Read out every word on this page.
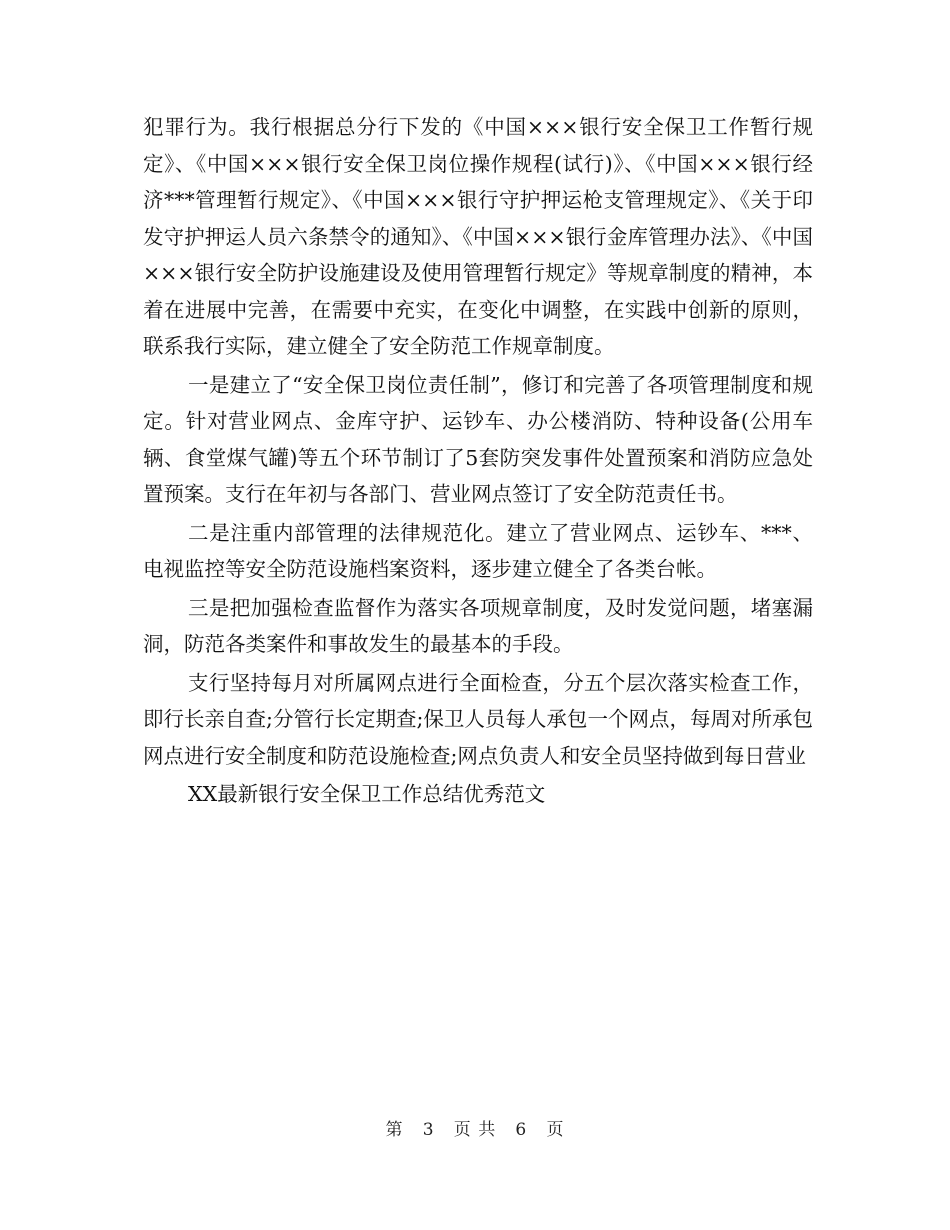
犯罪行为。我行根据总分行下发的《中国×××银行安全保卫工作暂行规定》、《中国×××银行安全保卫岗位操作规程(试行)》、《中国×××银行经济***管理暂行规定》、《中国×××银行守护押运枪支管理规定》、《关于印发守护押运人员六条禁令的通知》、《中国×××银行金库管理办法》、《中国×××银行安全防护设施建设及使用管理暂行规定》等规章制度的精神，本着在进展中完善，在需要中充实，在变化中调整，在实践中创新的原则，联系我行实际，建立健全了安全防范工作规章制度。

一是建立了“安全保卫岗位责任制”，修订和完善了各项管理制度和规定。针对营业网点、金库守护、运钞车、办公楼消防、特种设备(公用车辆、食堂煤气罐)等五个环节制订了5套防突发事件处置预案和消防应急处置预案。支行在年初与各部门、营业网点签订了安全防范责任书。

二是注重内部管理的法律规范化。建立了营业网点、运钞车、***、电视监控等安全防范设施档案资料，逐步建立健全了各类台帐。

三是把加强检查监督作为落实各项规章制度，及时发觉问题，堵塞漏洞，防范各类案件和事故发生的最基本的手段。

支行坚持每月对所属网点进行全面检查，分五个层次落实检查工作，即行长亲自查;分管行长定期查;保卫人员每人承包一个网点，每周对所承包网点进行安全制度和防范设施检查;网点负责人和安全员坚持做到每日营业

XX最新银行安全保卫工作总结优秀范文

第 3 页 共 6 页
